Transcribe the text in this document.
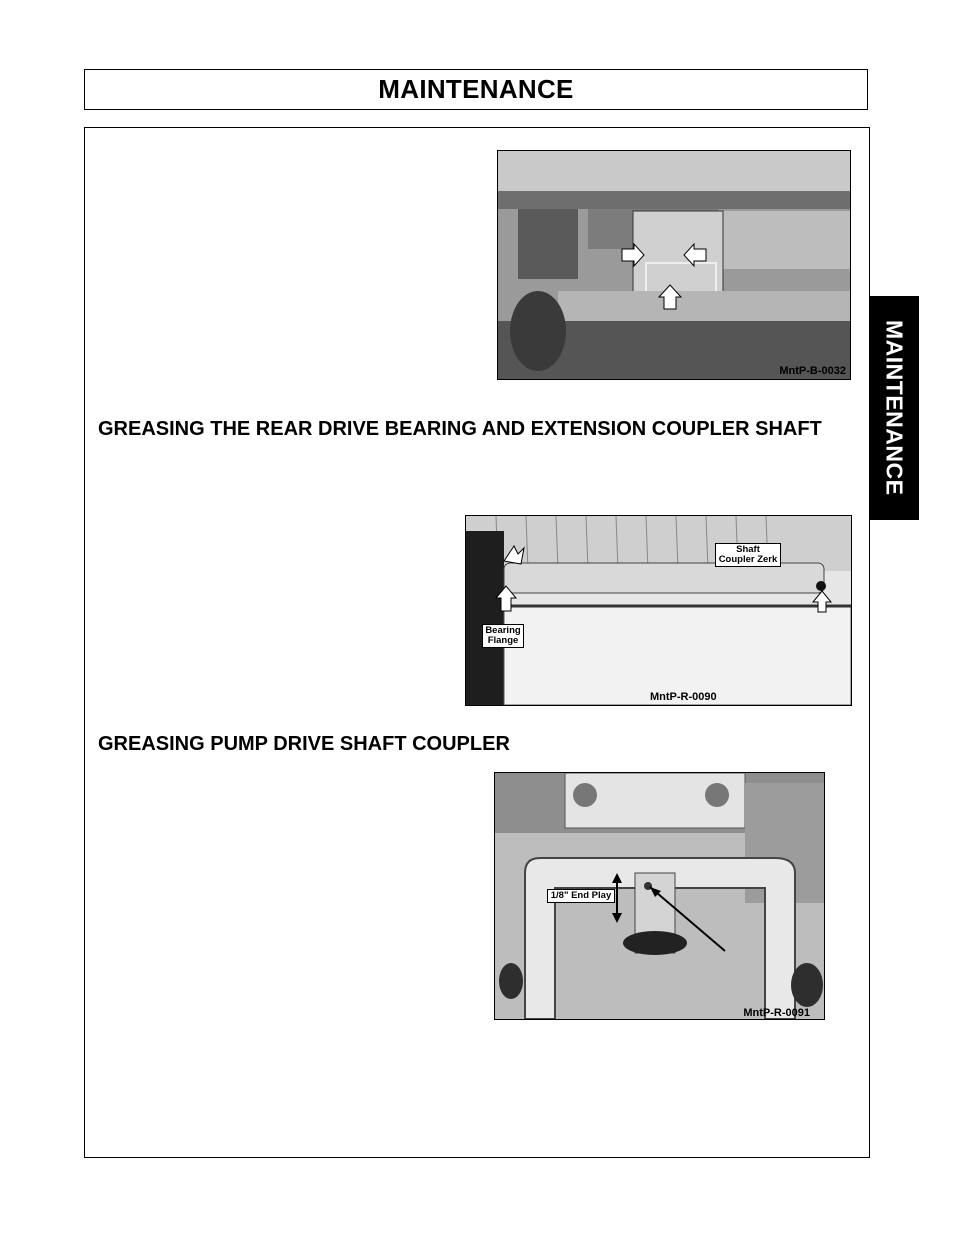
MAINTENANCE
MAINTENANCE
MntP-B-0032
GREASING THE REAR DRIVE BEARING AND EXTENSION COUPLER SHAFT
Shaft Coupler Zerk
Bearing Flange
MntP-R-0090
GREASING PUMP DRIVE SHAFT COUPLER
1/8" End Play
MntP-R-0091
